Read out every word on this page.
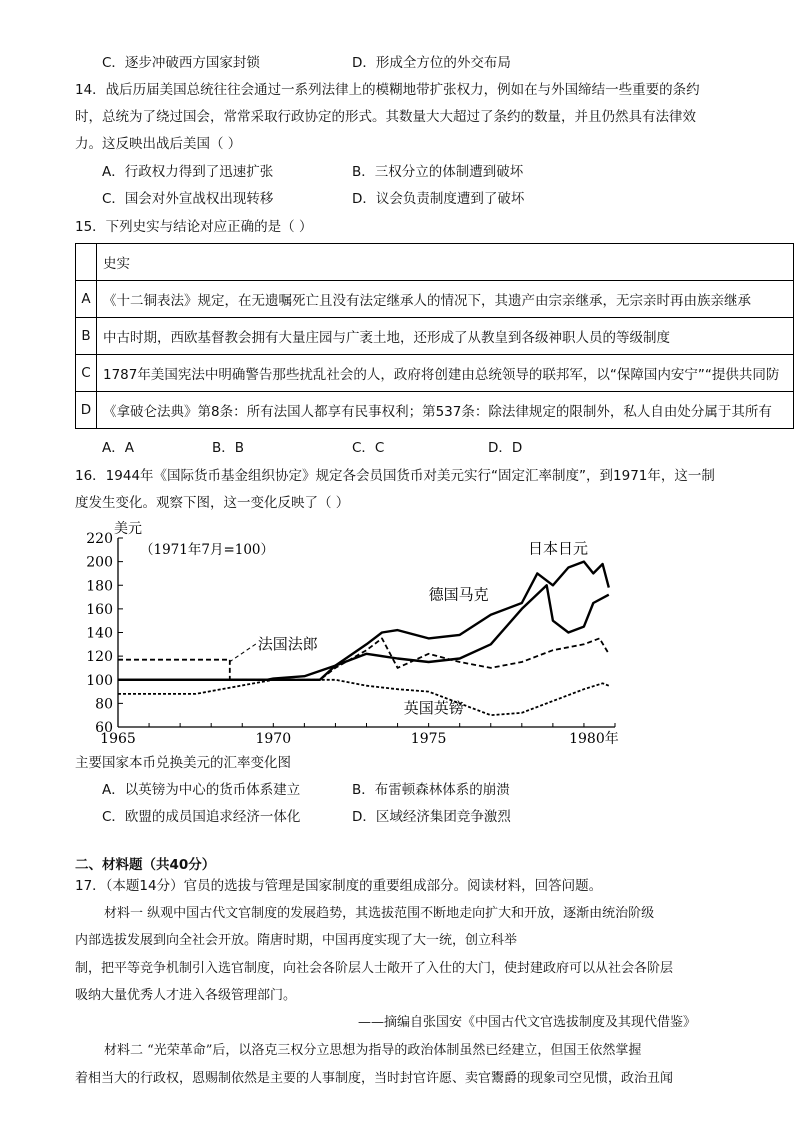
C．逐步冲破西方国家封锁	D．形成全方位的外交布局
14．战后历届美国总统往往会通过一系列法律上的模糊地带扩张权力，例如在与外国缔结一些重要的条约
时，总统为了绕过国会，常常采取行政协定的形式。其数量大大超过了条约的数量，并且仍然具有法律效
力。这反映出战后美国（ ）
A．行政权力得到了迅速扩张	B．三权分立的体制遭到破坏
C．国会对外宣战权出现转移	D．议会负责制度遭到了破坏
15．下列史实与结论对应正确的是（ ）
	史实
A	《十二铜表法》规定，在无遗嘱死亡且没有法定继承人的情况下，其遗产由宗亲继承，无宗亲时再由族亲继承
B	中古时期，西欧基督教会拥有大量庄园与广袤土地，还形成了从教皇到各级神职人员的等级制度
C	1787年美国宪法中明确警告那些扰乱社会的人，政府将创建由总统领导的联邦军，以“保障国内安宁”“提供共同防
D	《拿破仑法典》第8条：所有法国人都享有民事权利；第537条：除法律规定的限制外，私人自由处分属于其所有
A．A	B．B	C．C	D．D
16．1944年《国际货币基金组织协定》规定各会员国货币对美元实行“固定汇率制度”，到1971年，这一制
度发生变化。观察下图，这一变化反映了（ ）
美元
（1971年7月=100）
60
80
100
120
140
160
180
200
220
1965	1970	1975	1980年
日本日元
德国马克
法国法郎
英国英镑
主要国家本币兑换美元的汇率变化图
A．以英镑为中心的货币体系建立	B．布雷顿森林体系的崩溃
C．欧盟的成员国追求经济一体化	D．区域经济集团竞争激烈
二、材料题（共40分）
17．（本题14分）官员的选拔与管理是国家制度的重要组成部分。阅读材料，回答问题。
材料一 纵观中国古代文官制度的发展趋势，其选拔范围不断地走向扩大和开放，逐渐由统治阶级
内部选拔发展到向全社会开放。隋唐时期，中国再度实现了大一统，创立科举
制，把平等竞争机制引入选官制度，向社会各阶层人士敞开了入仕的大门，使封建政府可以从社会各阶层
吸纳大量优秀人才进入各级管理部门。
——摘编自张国安《中国古代文官选拔制度及其现代借鉴》
材料二 “光荣革命”后，以洛克三权分立思想为指导的政治体制虽然已经建立，但国王依然掌握
着相当大的行政权，恩赐制依然是主要的人事制度，当时封官许愿、卖官鬻爵的现象司空见惯，政治丑闻
